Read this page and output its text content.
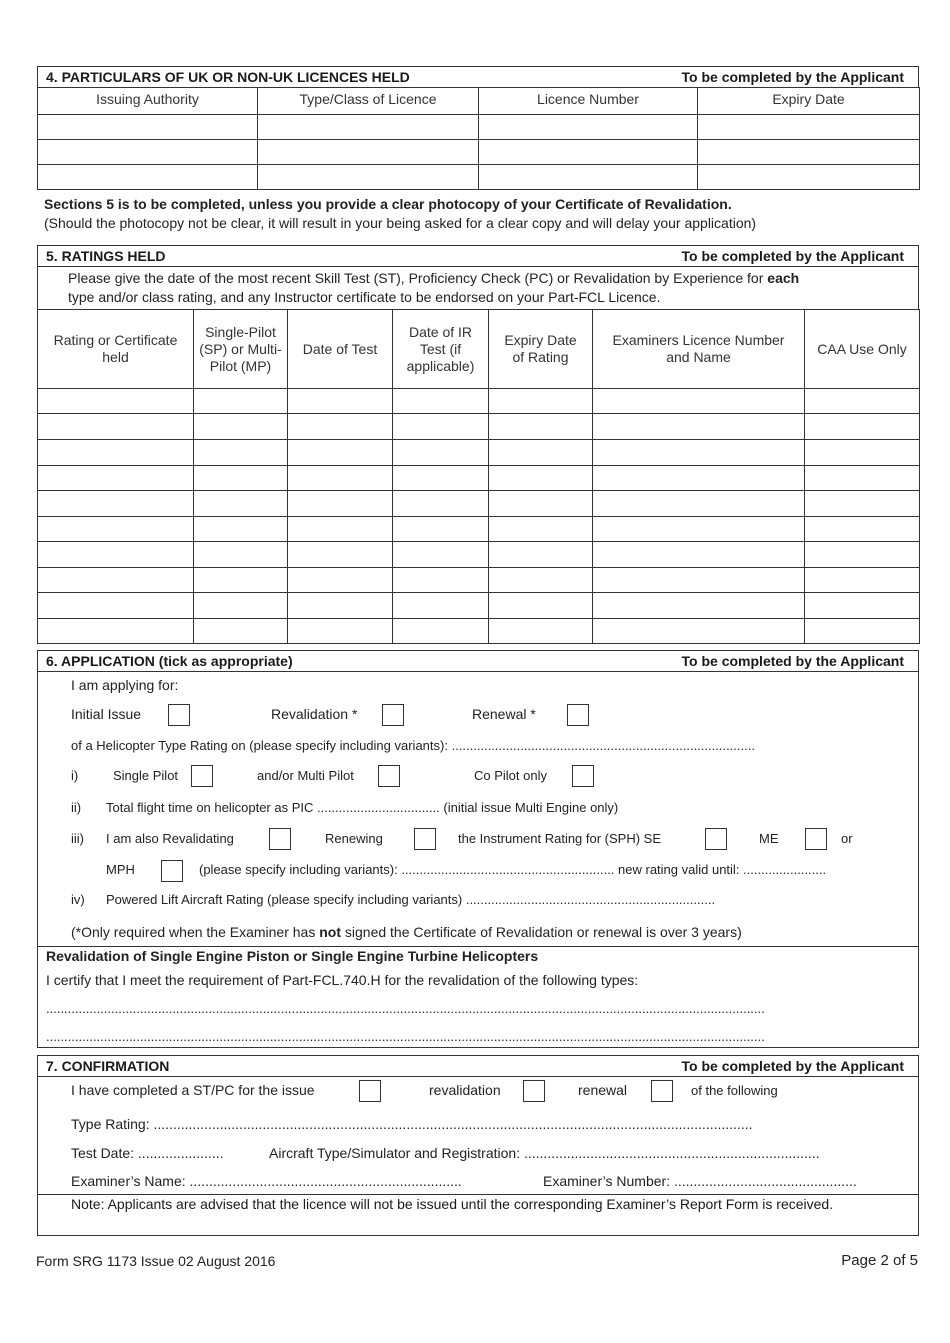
4. PARTICULARS OF UK OR NON-UK LICENCES HELD	To be completed by the Applicant
Issuing Authority	Type/Class of Licence	Licence Number	Expiry Date

Sections 5 is to be completed, unless you provide a clear photocopy of your Certificate of Revalidation.
(Should the photocopy not be clear, it will result in your being asked for a clear copy and will delay your application)
5. RATINGS HELD	To be completed by the Applicant
Please give the date of the most recent Skill Test (ST), Proficiency Check (PC) or Revalidation by Experience for each
type and/or class rating, and any Instructor certificate to be endorsed on your Part-FCL Licence.
Rating or Certificate held	Single-Pilot (SP) or Multi-Pilot (MP)	Date of Test	Date of IR Test (if applicable)	Expiry Date of Rating	Examiners Licence Number and Name	CAA Use Only

6. APPLICATION (tick as appropriate)	To be completed by the Applicant
I am applying for:
Initial Issue	Revalidation *	Renewal *
of a Helicopter Type Rating on (please specify including variants): ....................................................................................
i)	Single Pilot	and/or Multi Pilot	Co Pilot only
ii) Total flight time on helicopter as PIC .................................. (initial issue Multi Engine only)
iii) I am also Revalidating	Renewing	the Instrument Rating for (SPH) SE	ME	or
MPH	(please specify including variants): ........................................................... new rating valid until: .......................
iv) Powered Lift Aircraft Rating (please specify including variants) .....................................................................
(*Only required when the Examiner has not signed the Certificate of Revalidation or renewal is over 3 years)
Revalidation of Single Engine Piston or Single Engine Turbine Helicopters
I certify that I meet the requirement of Part-FCL.740.H for the revalidation of the following types:
.......................................................................................................................................................................................................
.......................................................................................................................................................................................................
7. CONFIRMATION	To be completed by the Applicant
I have completed a ST/PC for the issue	revalidation	renewal	of the following
Type Rating: ..........................................................................................................................................................
Test Date: ......................	Aircraft Type/Simulator and Registration: ............................................................................
Examiner’s Name: ......................................................................	Examiner’s Number: ...............................................
Note: Applicants are advised that the licence will not be issued until the corresponding Examiner’s Report Form is received.
Form SRG 1173 Issue 02 August 2016	Page 2 of 5
